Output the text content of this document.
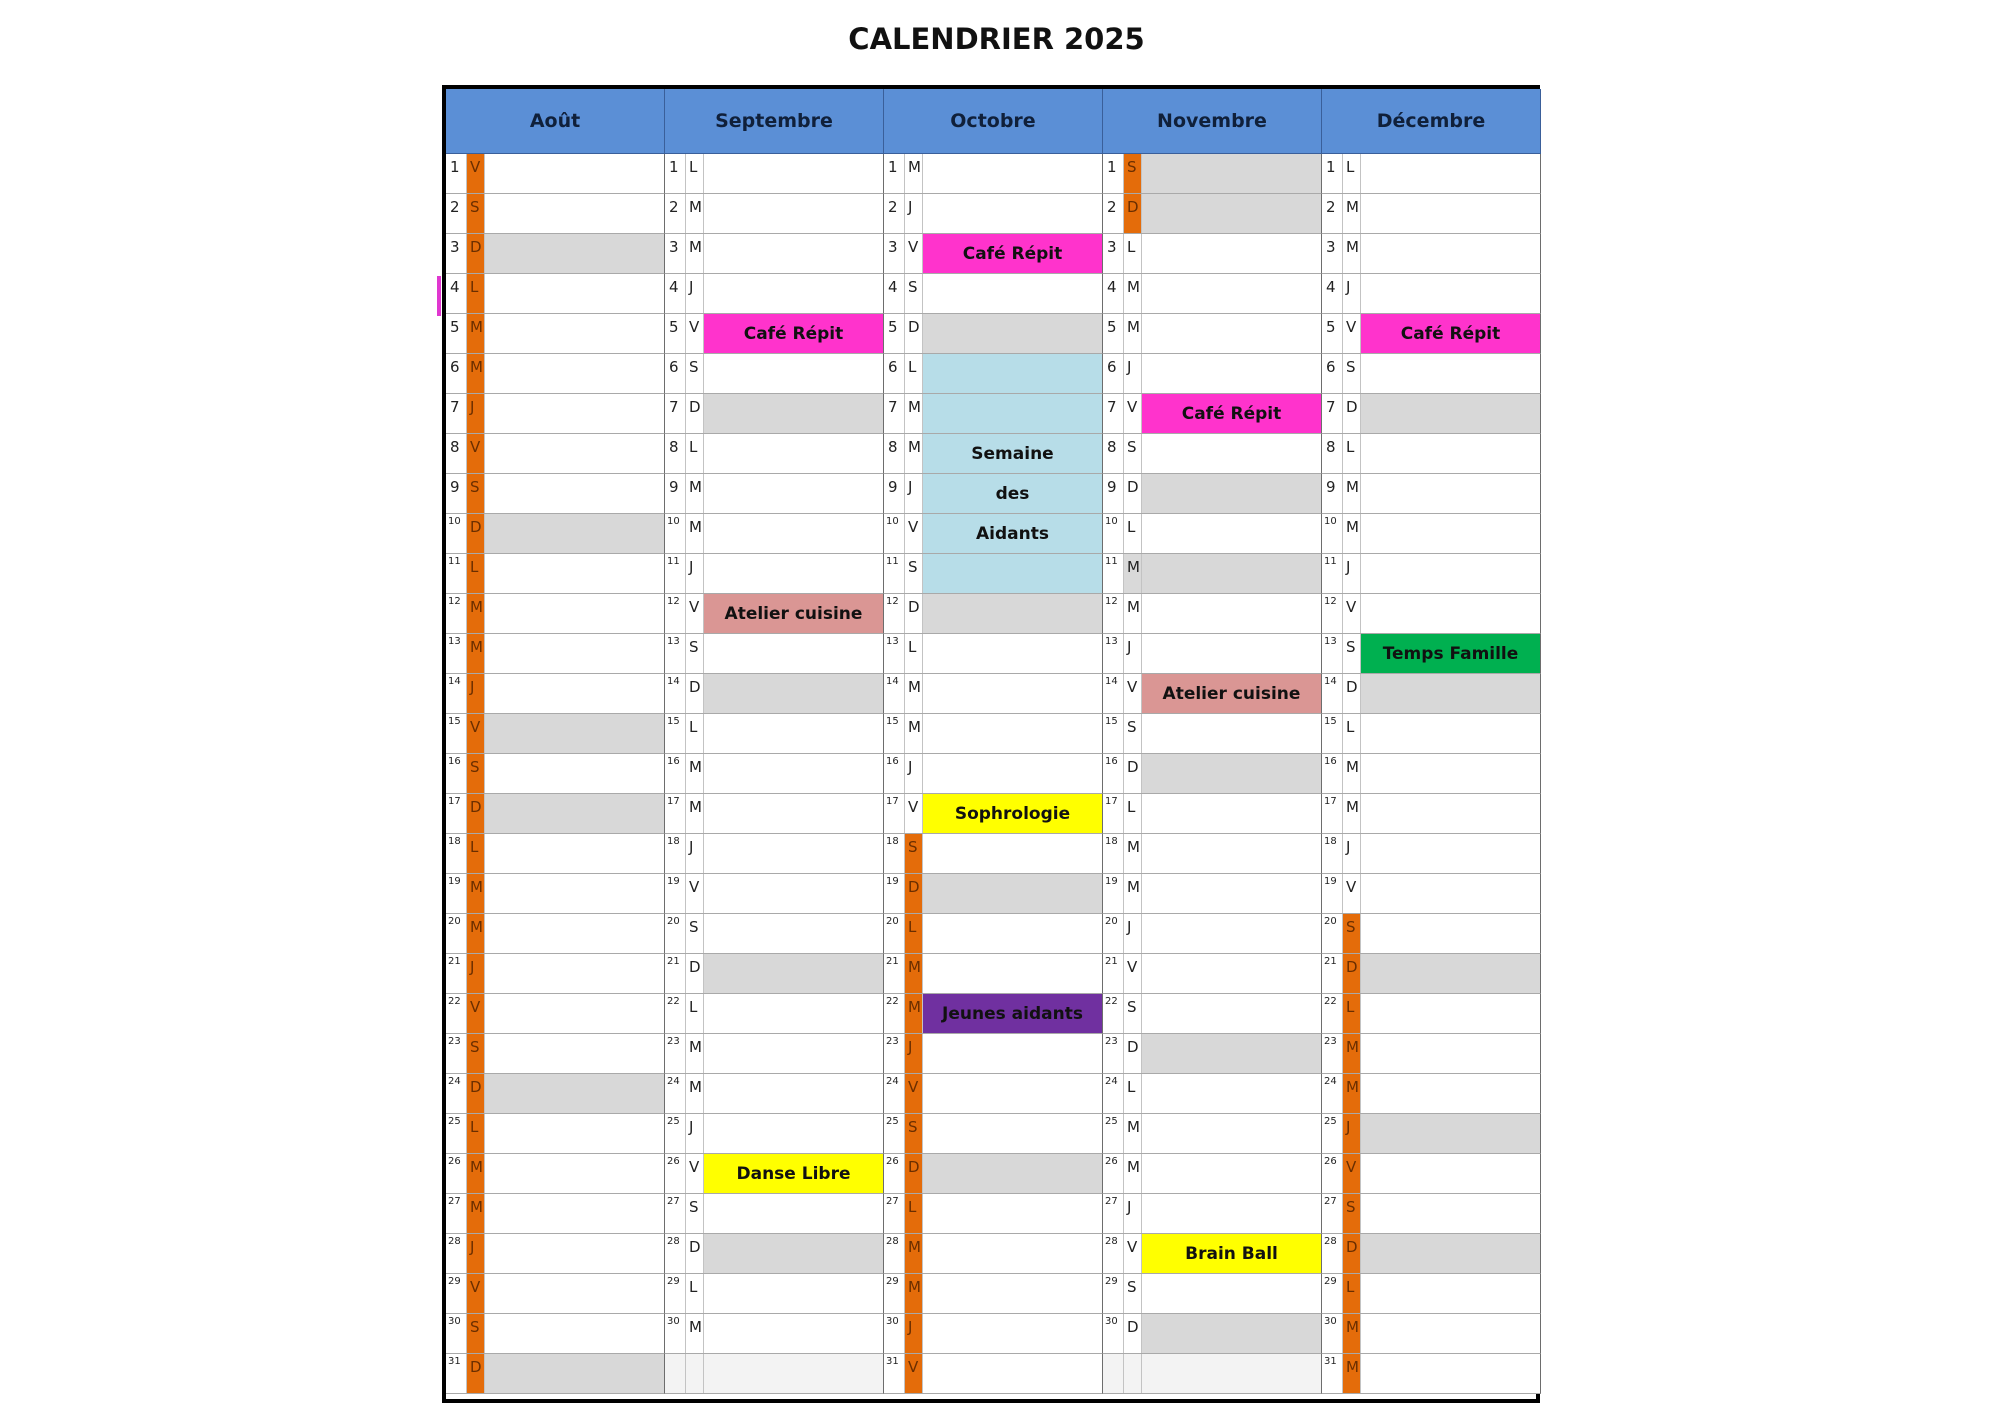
CALENDRIER 2025
Août
1 V
2 S
3 D
4 L
5 M
6 M
7 J
8 V
9 S
10 D
11 L
12 M
13 M
14 J
15 V
16 S
17 D
18 L
19 M
20 M
21 J
22 V
23 S
24 D
25 L
26 M
27 M
28 J
29 V
30 S
31 D
Septembre
1 L
2 M
3 M
4 J
5 V	Café Répit
6 S
7 D
8 L
9 M
10 M
11 J
12 V	Atelier cuisine
13 S
14 D
15 L
16 M
17 M
18 J
19 V
20 S
21 D
22 L
23 M
24 M
25 J
26 V	Danse Libre
27 S
28 D
29 L
30 M
Octobre
1 M
2 J
3 V	Café Répit
4 S
5 D
6 L
7 M
8 M	Semaine
9 J	des
10 V	Aidants
11 S
12 D
13 L
14 M
15 M
16 J
17 V	Sophrologie
18 S
19 D
20 L
21 M
22 M	Jeunes aidants
23 J
24 V
25 S
26 D
27 L
28 M
29 M
30 J
31 V
Novembre
1 S
2 D
3 L
4 M
5 M
6 J
7 V	Café Répit
8 S
9 D
10 L
11 M
12 M
13 J
14 V	Atelier cuisine
15 S
16 D
17 L
18 M
19 M
20 J
21 V
22 S
23 D
24 L
25 M
26 M
27 J
28 V	Brain Ball
29 S
30 D
Décembre
1 L
2 M
3 M
4 J
5 V	Café Répit
6 S
7 D
8 L
9 M
10 M
11 J
12 V
13 S	Temps Famille
14 D
15 L
16 M
17 M
18 J
19 V
20 S
21 D
22 L
23 M
24 M
25 J
26 V
27 S
28 D
29 L
30 M
31 M
